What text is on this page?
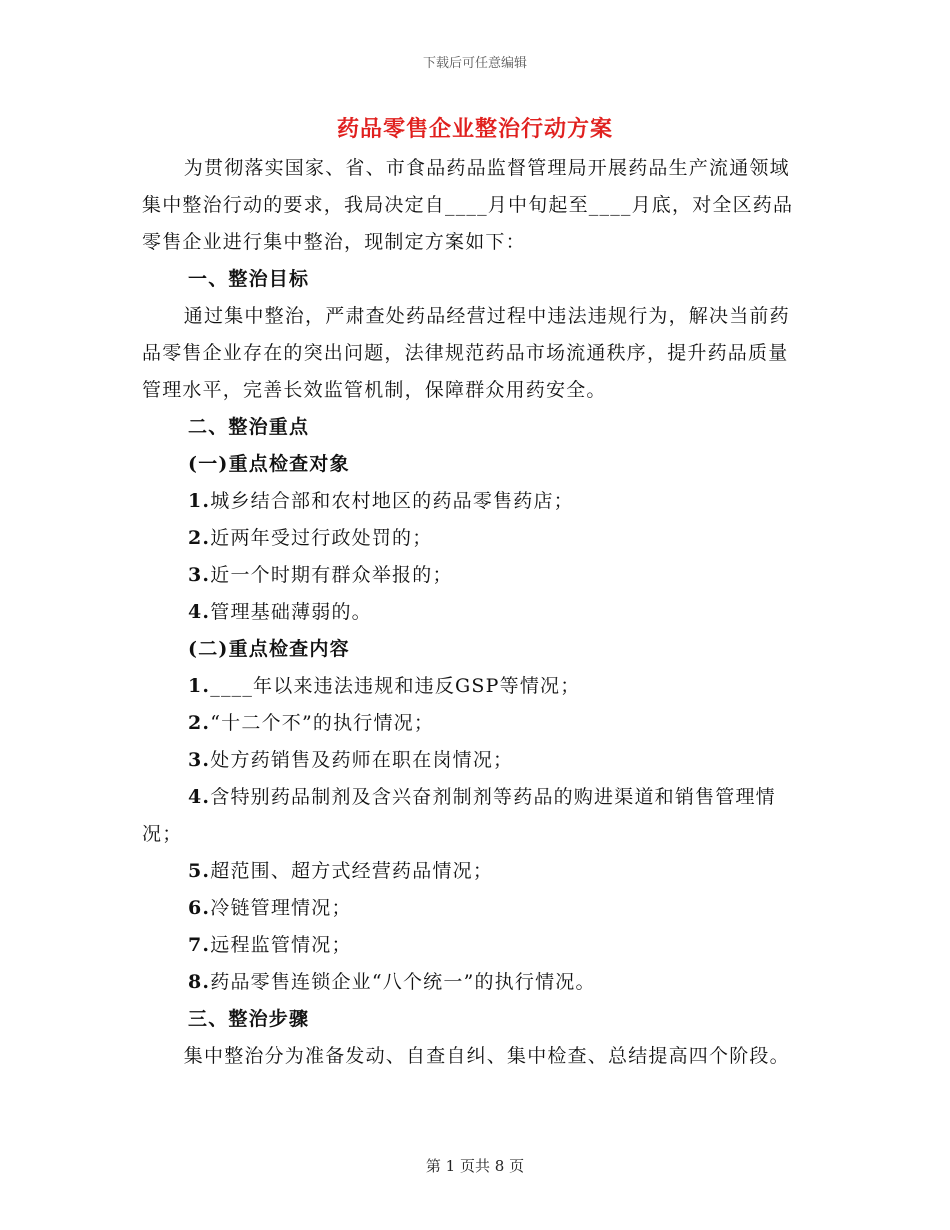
下载后可任意编辑
药品零售企业整治行动方案

为贯彻落实国家、省、市食品药品监督管理局开展药品生产流通领域集中整治行动的要求，我局决定自____月中旬起至____月底，对全区药品零售企业进行集中整治，现制定方案如下：

一、整治目标

通过集中整治，严肃查处药品经营过程中违法违规行为，解决当前药品零售企业存在的突出问题，法律规范药品市场流通秩序，提升药品质量管理水平，完善长效监管机制，保障群众用药安全。

二、整治重点

(一)重点检查对象

1.城乡结合部和农村地区的药品零售药店；

2.近两年受过行政处罚的；

3.近一个时期有群众举报的；

4.管理基础薄弱的。

(二)重点检查内容

1.____年以来违法违规和违反GSP等情况；

2.“十二个不”的执行情况；

3.处方药销售及药师在职在岗情况；

4.含特别药品制剂及含兴奋剂制剂等药品的购进渠道和销售管理情况；

5.超范围、超方式经营药品情况；

6.冷链管理情况；

7.远程监管情况；

8.药品零售连锁企业“八个统一”的执行情况。

三、整治步骤

集中整治分为准备发动、自查自纠、集中检查、总结提高四个阶段。

第 1 页共 8 页
